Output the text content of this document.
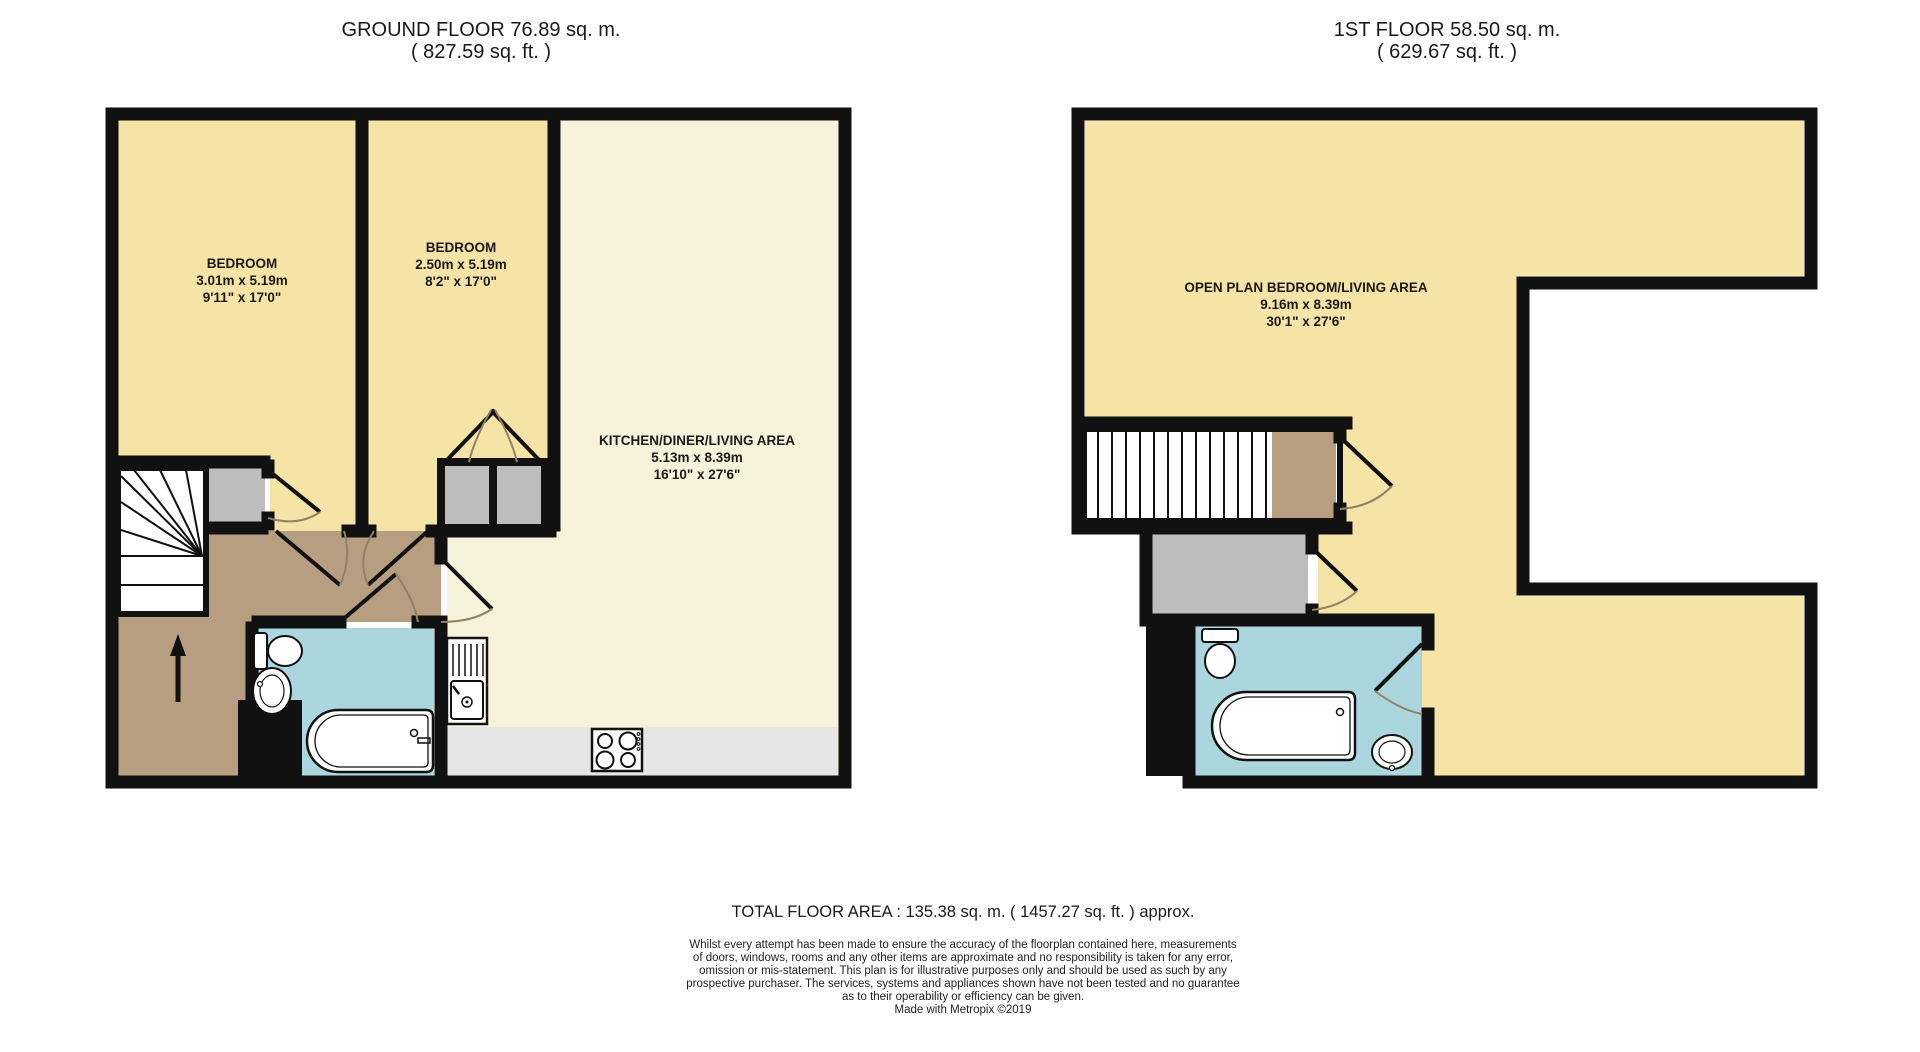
GROUND FLOOR 76.89 sq. m.
( 827.59 sq. ft. )
BEDROOM
3.01m x 5.19m
9'11" x 17'0"
BEDROOM
2.50m x 5.19m
8'2" x 17'0"
KITCHEN/DINER/LIVING AREA
5.13m x 8.39m
16'10" x 27'6"
1ST FLOOR 58.50 sq. m.
( 629.67 sq. ft. )
OPEN PLAN BEDROOM/LIVING AREA
9.16m x 8.39m
30'1" x 27'6"
TOTAL FLOOR AREA : 135.38 sq. m. ( 1457.27 sq. ft. ) approx.
Whilst every attempt has been made to ensure the accuracy of the floorplan contained here, measurements
of doors, windows, rooms and any other items are approximate and no responsibility is taken for any error,
omission or mis-statement. This plan is for illustrative purposes only and should be used as such by any
prospective purchaser. The services, systems and appliances shown have not been tested and no guarantee
as to their operability or efficiency can be given.
Made with Metropix ©2019
